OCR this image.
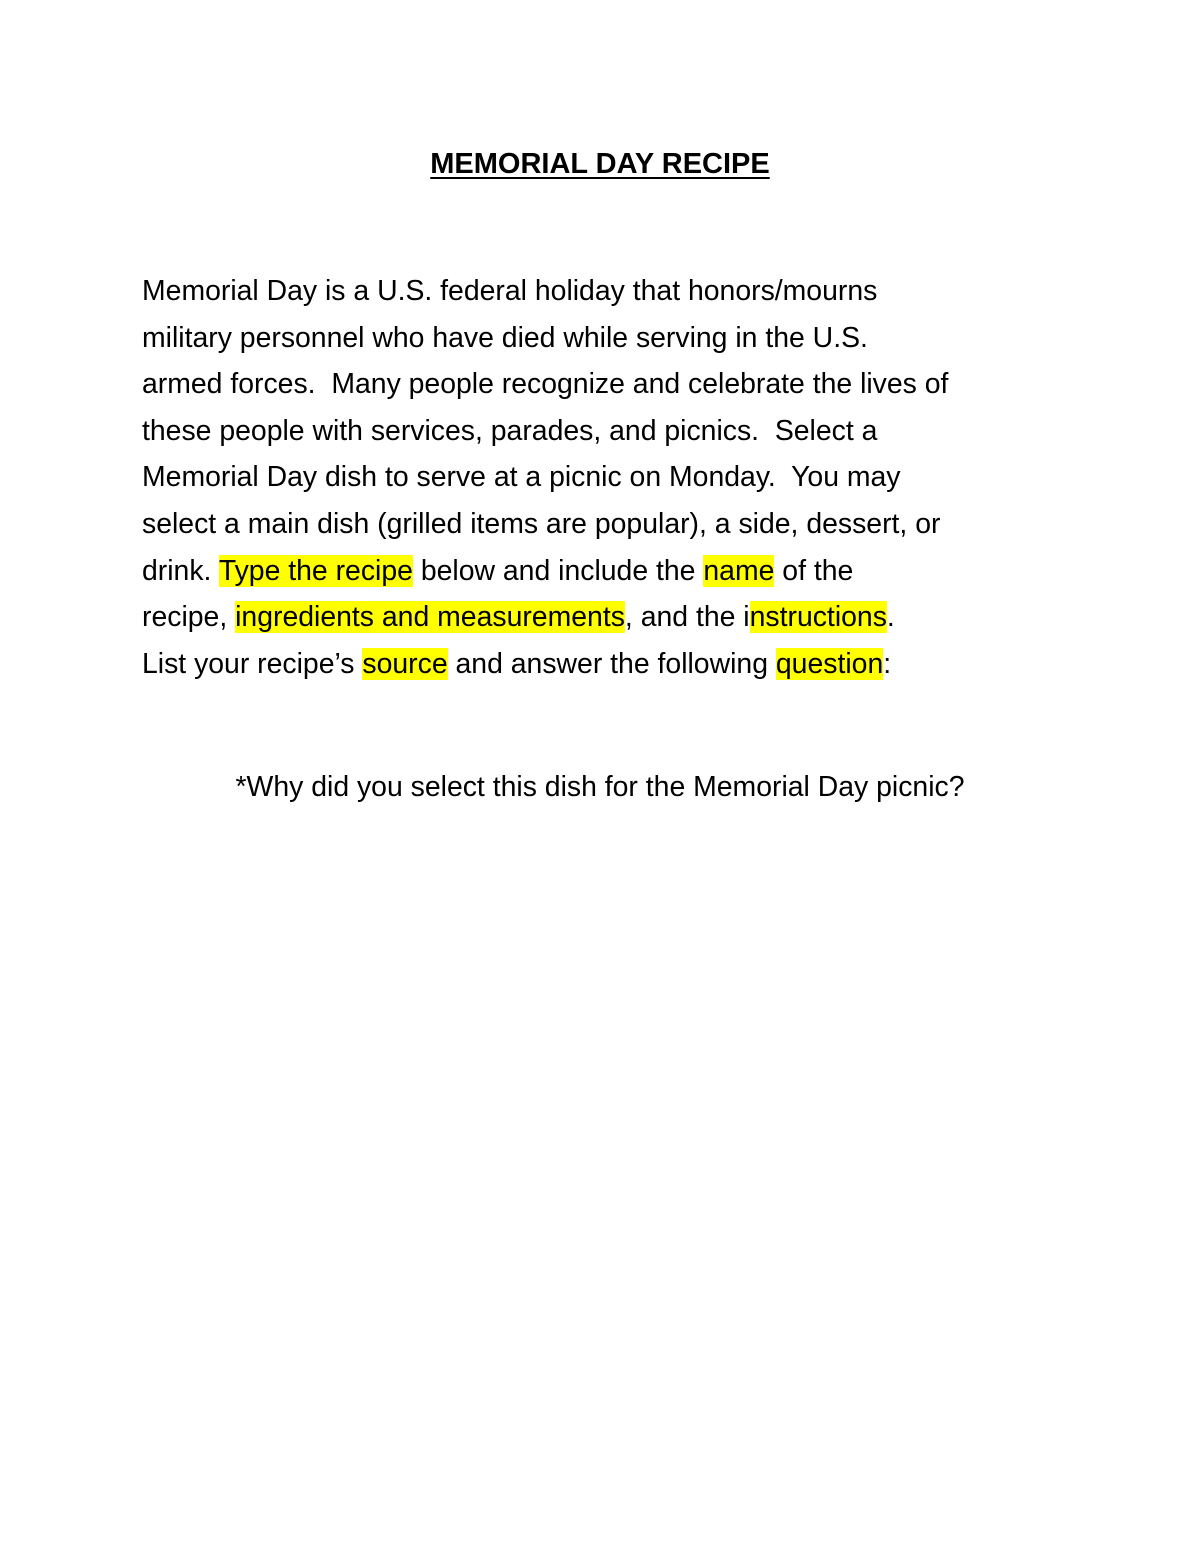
MEMORIAL DAY RECIPE

Memorial Day is a U.S. federal holiday that honors/mourns
military personnel who have died while serving in the U.S.
armed forces.  Many people recognize and celebrate the lives of
these people with services, parades, and picnics.  Select a
Memorial Day dish to serve at a picnic on Monday.  You may
select a main dish (grilled items are popular), a side, dessert, or
drink. Type the recipe below and include the name of the
recipe, ingredients and measurements, and the instructions.
List your recipe’s source and answer the following question:

*Why did you select this dish for the Memorial Day picnic?
